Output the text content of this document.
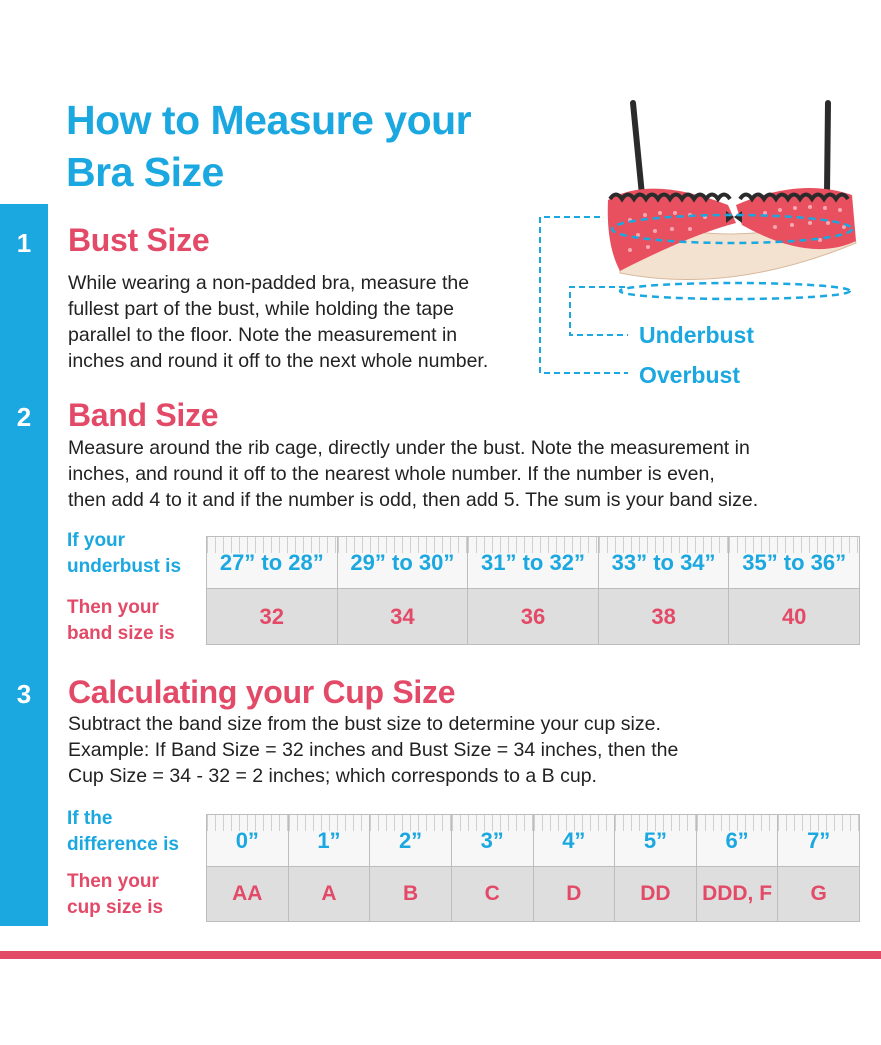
How to Measure your
Bra Size
1
2
3
Bust Size
While wearing a non-padded bra, measure the
fullest part of the bust, while holding the tape
parallel to the floor. Note the measurement in
inches and round it off to the next whole number.
Underbust
Overbust
Band Size
Measure around the rib cage, directly under the bust. Note the measurement in
inches, and round it off to the nearest whole number. If the number is even,
then add 4 to it and if the number is odd, then add 5. The sum is your band size.
If your
underbust is
Then your
band size is
27” to 28”	29” to 30”	31” to 32”	33” to 34”	35” to 36”
32	34	36	38	40
Calculating your Cup Size
Subtract the band size from the bust size to determine your cup size.
Example: If Band Size = 32 inches and Bust Size = 34 inches, then the
Cup Size = 34 - 32 = 2 inches; which corresponds to a B cup.
If the
difference is
Then your
cup size is
0”	1”	2”	3”	4”	5”	6”	7”
AA	A	B	C	D	DD	DDD, F	G
